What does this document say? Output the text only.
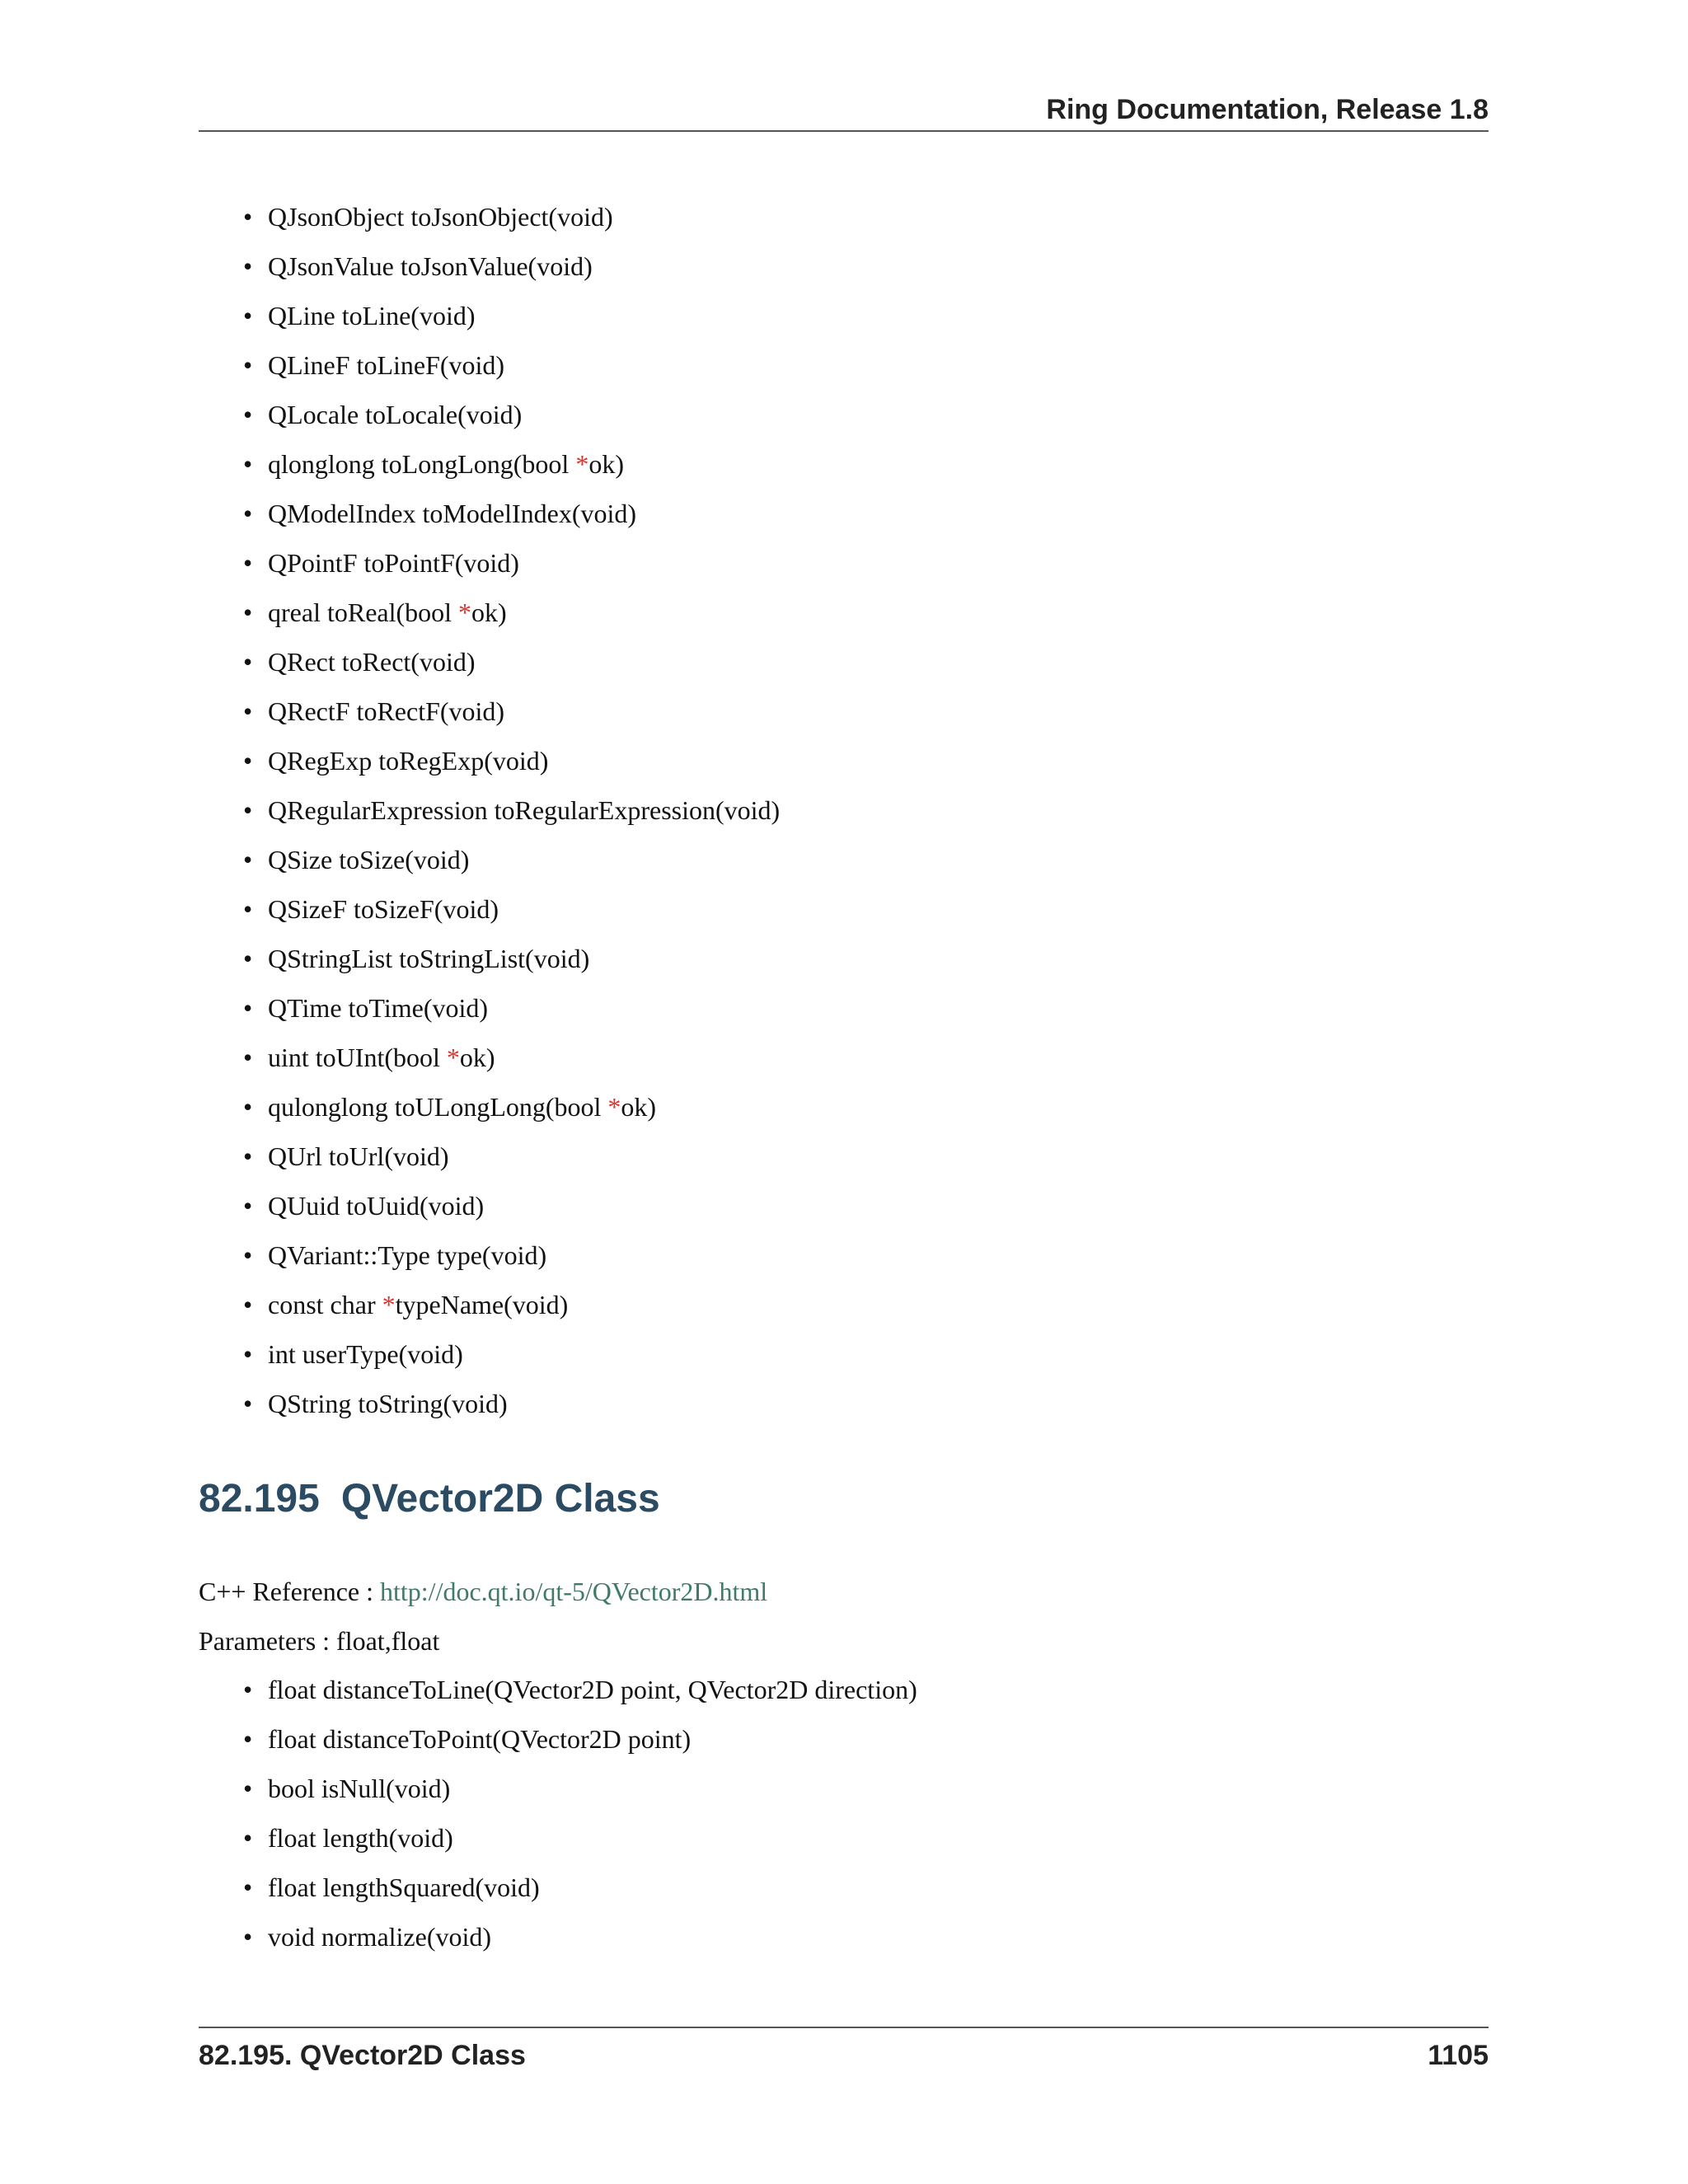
Ring Documentation, Release 1.8
• QJsonObject toJsonObject(void)
• QJsonValue toJsonValue(void)
• QLine toLine(void)
• QLineF toLineF(void)
• QLocale toLocale(void)
• qlonglong toLongLong(bool *ok)
• QModelIndex toModelIndex(void)
• QPointF toPointF(void)
• qreal toReal(bool *ok)
• QRect toRect(void)
• QRectF toRectF(void)
• QRegExp toRegExp(void)
• QRegularExpression toRegularExpression(void)
• QSize toSize(void)
• QSizeF toSizeF(void)
• QStringList toStringList(void)
• QTime toTime(void)
• uint toUInt(bool *ok)
• qulonglong toULongLong(bool *ok)
• QUrl toUrl(void)
• QUuid toUuid(void)
• QVariant::Type type(void)
• const char *typeName(void)
• int userType(void)
• QString toString(void)
82.195 QVector2D Class
C++ Reference : http://doc.qt.io/qt-5/QVector2D.html
Parameters : float,float
• float distanceToLine(QVector2D point, QVector2D direction)
• float distanceToPoint(QVector2D point)
• bool isNull(void)
• float length(void)
• float lengthSquared(void)
• void normalize(void)
82.195. QVector2D Class	1105
